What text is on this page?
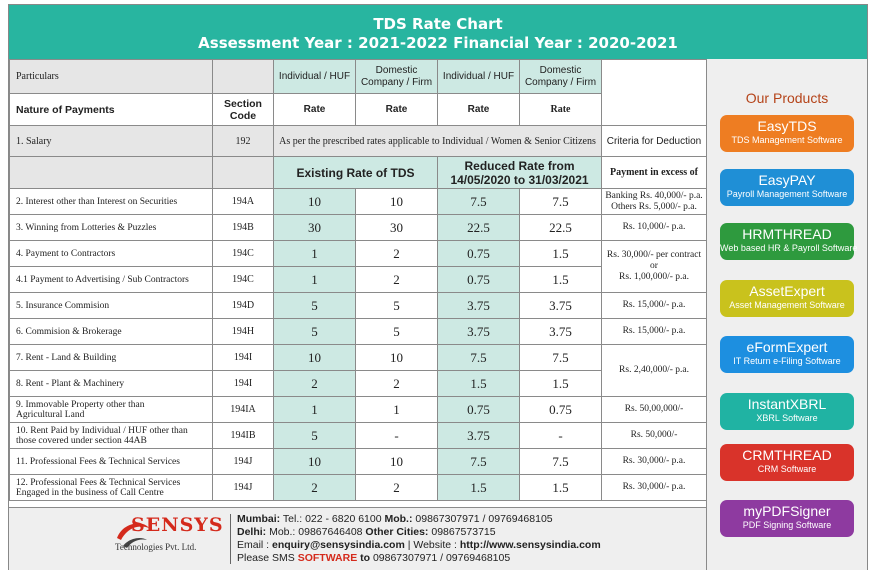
TDS Rate Chart
Assessment Year : 2021-2022 Financial Year : 2020-2021
Particulars		Individual / HUF	Domestic Company / Firm	Individual / HUF	Domestic Company / Firm	

Nature of Payments	Section Code	Rate	Rate	Rate	Rate	
1. Salary	192	As per the prescribed rates applicable to Individual / Women & Senior Citizens				Criteria for Deduction
		Existing Rate of TDS		Reduced Rate from 14/05/2020 to 31/03/2021		Payment in excess of
2. Interest other than Interest on Securities	194A	10	10	7.5	7.5	Banking Rs. 40,000/- p.a.
Others Rs. 5,000/- p.a.
3. Winning from Lotteries & Puzzles	194B	30	30	22.5	22.5	Rs. 10,000/- p.a.
4. Payment to Contractors	194C	1	2	0.75	1.5	Rs. 30,000/- per contract or
Rs. 1,00,000/- p.a.
4.1 Payment to Advertising / Sub Contractors	194C	1	2	0.75	1.5	
5. Insurance Commision	194D	5	5	3.75	3.75	Rs. 15,000/- p.a.
6. Commision & Brokerage	194H	5	5	3.75	3.75	Rs. 15,000/- p.a.
7. Rent - Land & Building	194I	10	10	7.5	7.5	Rs. 2,40,000/- p.a.
8. Rent - Plant & Machinery	194I	2	2	1.5	1.5	
9. Immovable Property other than
Agricultural Land	194IA	1	1	0.75	0.75	Rs. 50,00,000/-
10. Rent Paid by Individual / HUF other than
those covered under section 44AB	194IB	5	-	3.75	-	Rs. 50,000/-
11. Professional Fees & Technical Services	194J	10	10	7.5	7.5	Rs. 30,000/- p.a.
12. Professional Fees & Technical Services
Engaged in the business of Call Centre	194J	2	2	1.5	1.5	Rs. 30,000/- p.a.
Our Products
EasyTDS
TDS Management Software
EasyPAY
Payroll Management Software
HRMTHREAD
Web based HR & Payroll Software
AssetExpert
Asset Management Software
eFormExpert
IT Return e-Filing Software
InstantXBRL
XBRL Software
CRMTHREAD
CRM Software
myPDFSigner
PDF Signing Software
SENSYS
Technologies Pvt. Ltd.
Mumbai: Tel.: 022 - 6820 6100 Mob.: 09867307971 / 09769468105
Delhi: Mob.: 09867646408 Other Cities: 09867573715
Email : enquiry@sensysindia.com | Website : http://www.sensysindia.com
Please SMS SOFTWARE to 09867307971 / 09769468105
